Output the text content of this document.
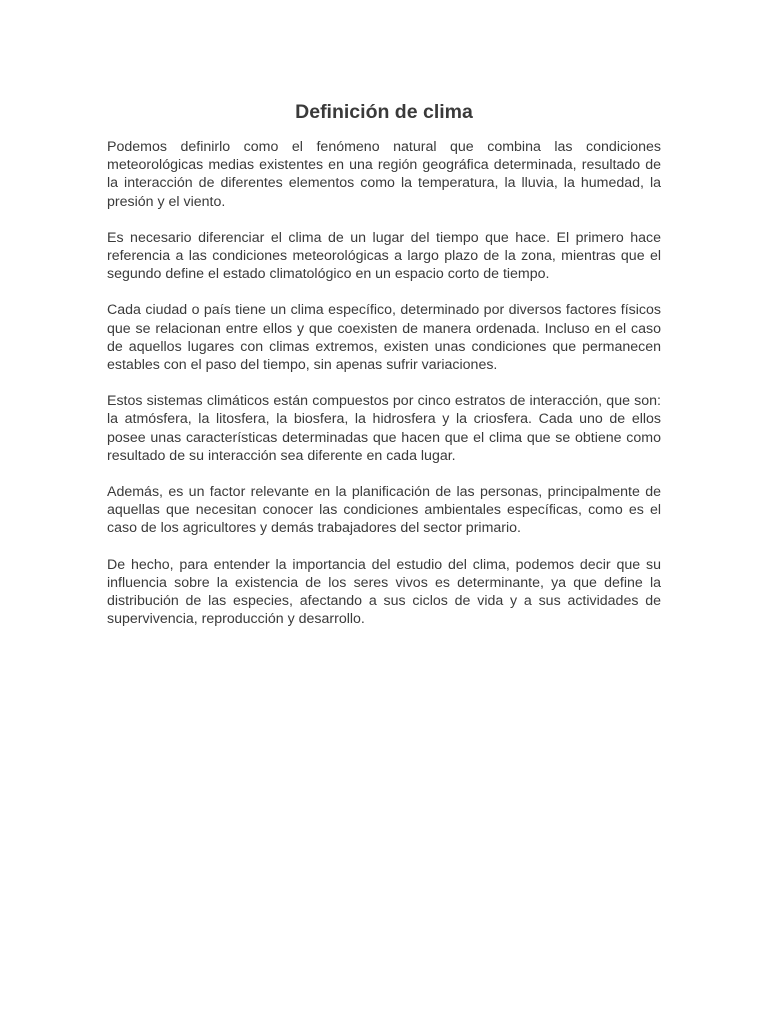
Definición de clima

Podemos definirlo como el fenómeno natural que combina las condiciones meteorológicas medias existentes en una región geográfica determinada, resultado de la interacción de diferentes elementos como la temperatura, la lluvia, la humedad, la presión y el viento.

Es necesario diferenciar el clima de un lugar del tiempo que hace. El primero hace referencia a las condiciones meteorológicas a largo plazo de la zona, mientras que el segundo define el estado climatológico en un espacio corto de tiempo.

Cada ciudad o país tiene un clima específico, determinado por diversos factores físicos que se relacionan entre ellos y que coexisten de manera ordenada. Incluso en el caso de aquellos lugares con climas extremos, existen unas condiciones que permanecen estables con el paso del tiempo, sin apenas sufrir variaciones.

Estos sistemas climáticos están compuestos por cinco estratos de interacción, que son: la atmósfera, la litosfera, la biosfera, la hidrosfera y la criosfera. Cada uno de ellos posee unas características determinadas que hacen que el clima que se obtiene como resultado de su interacción sea diferente en cada lugar.

Además, es un factor relevante en la planificación de las personas, principalmente de aquellas que necesitan conocer las condiciones ambientales específicas, como es el caso de los agricultores y demás trabajadores del sector primario.

De hecho, para entender la importancia del estudio del clima, podemos decir que su influencia sobre la existencia de los seres vivos es determinante, ya que define la distribución de las especies, afectando a sus ciclos de vida y a sus actividades de supervivencia, reproducción y desarrollo.
